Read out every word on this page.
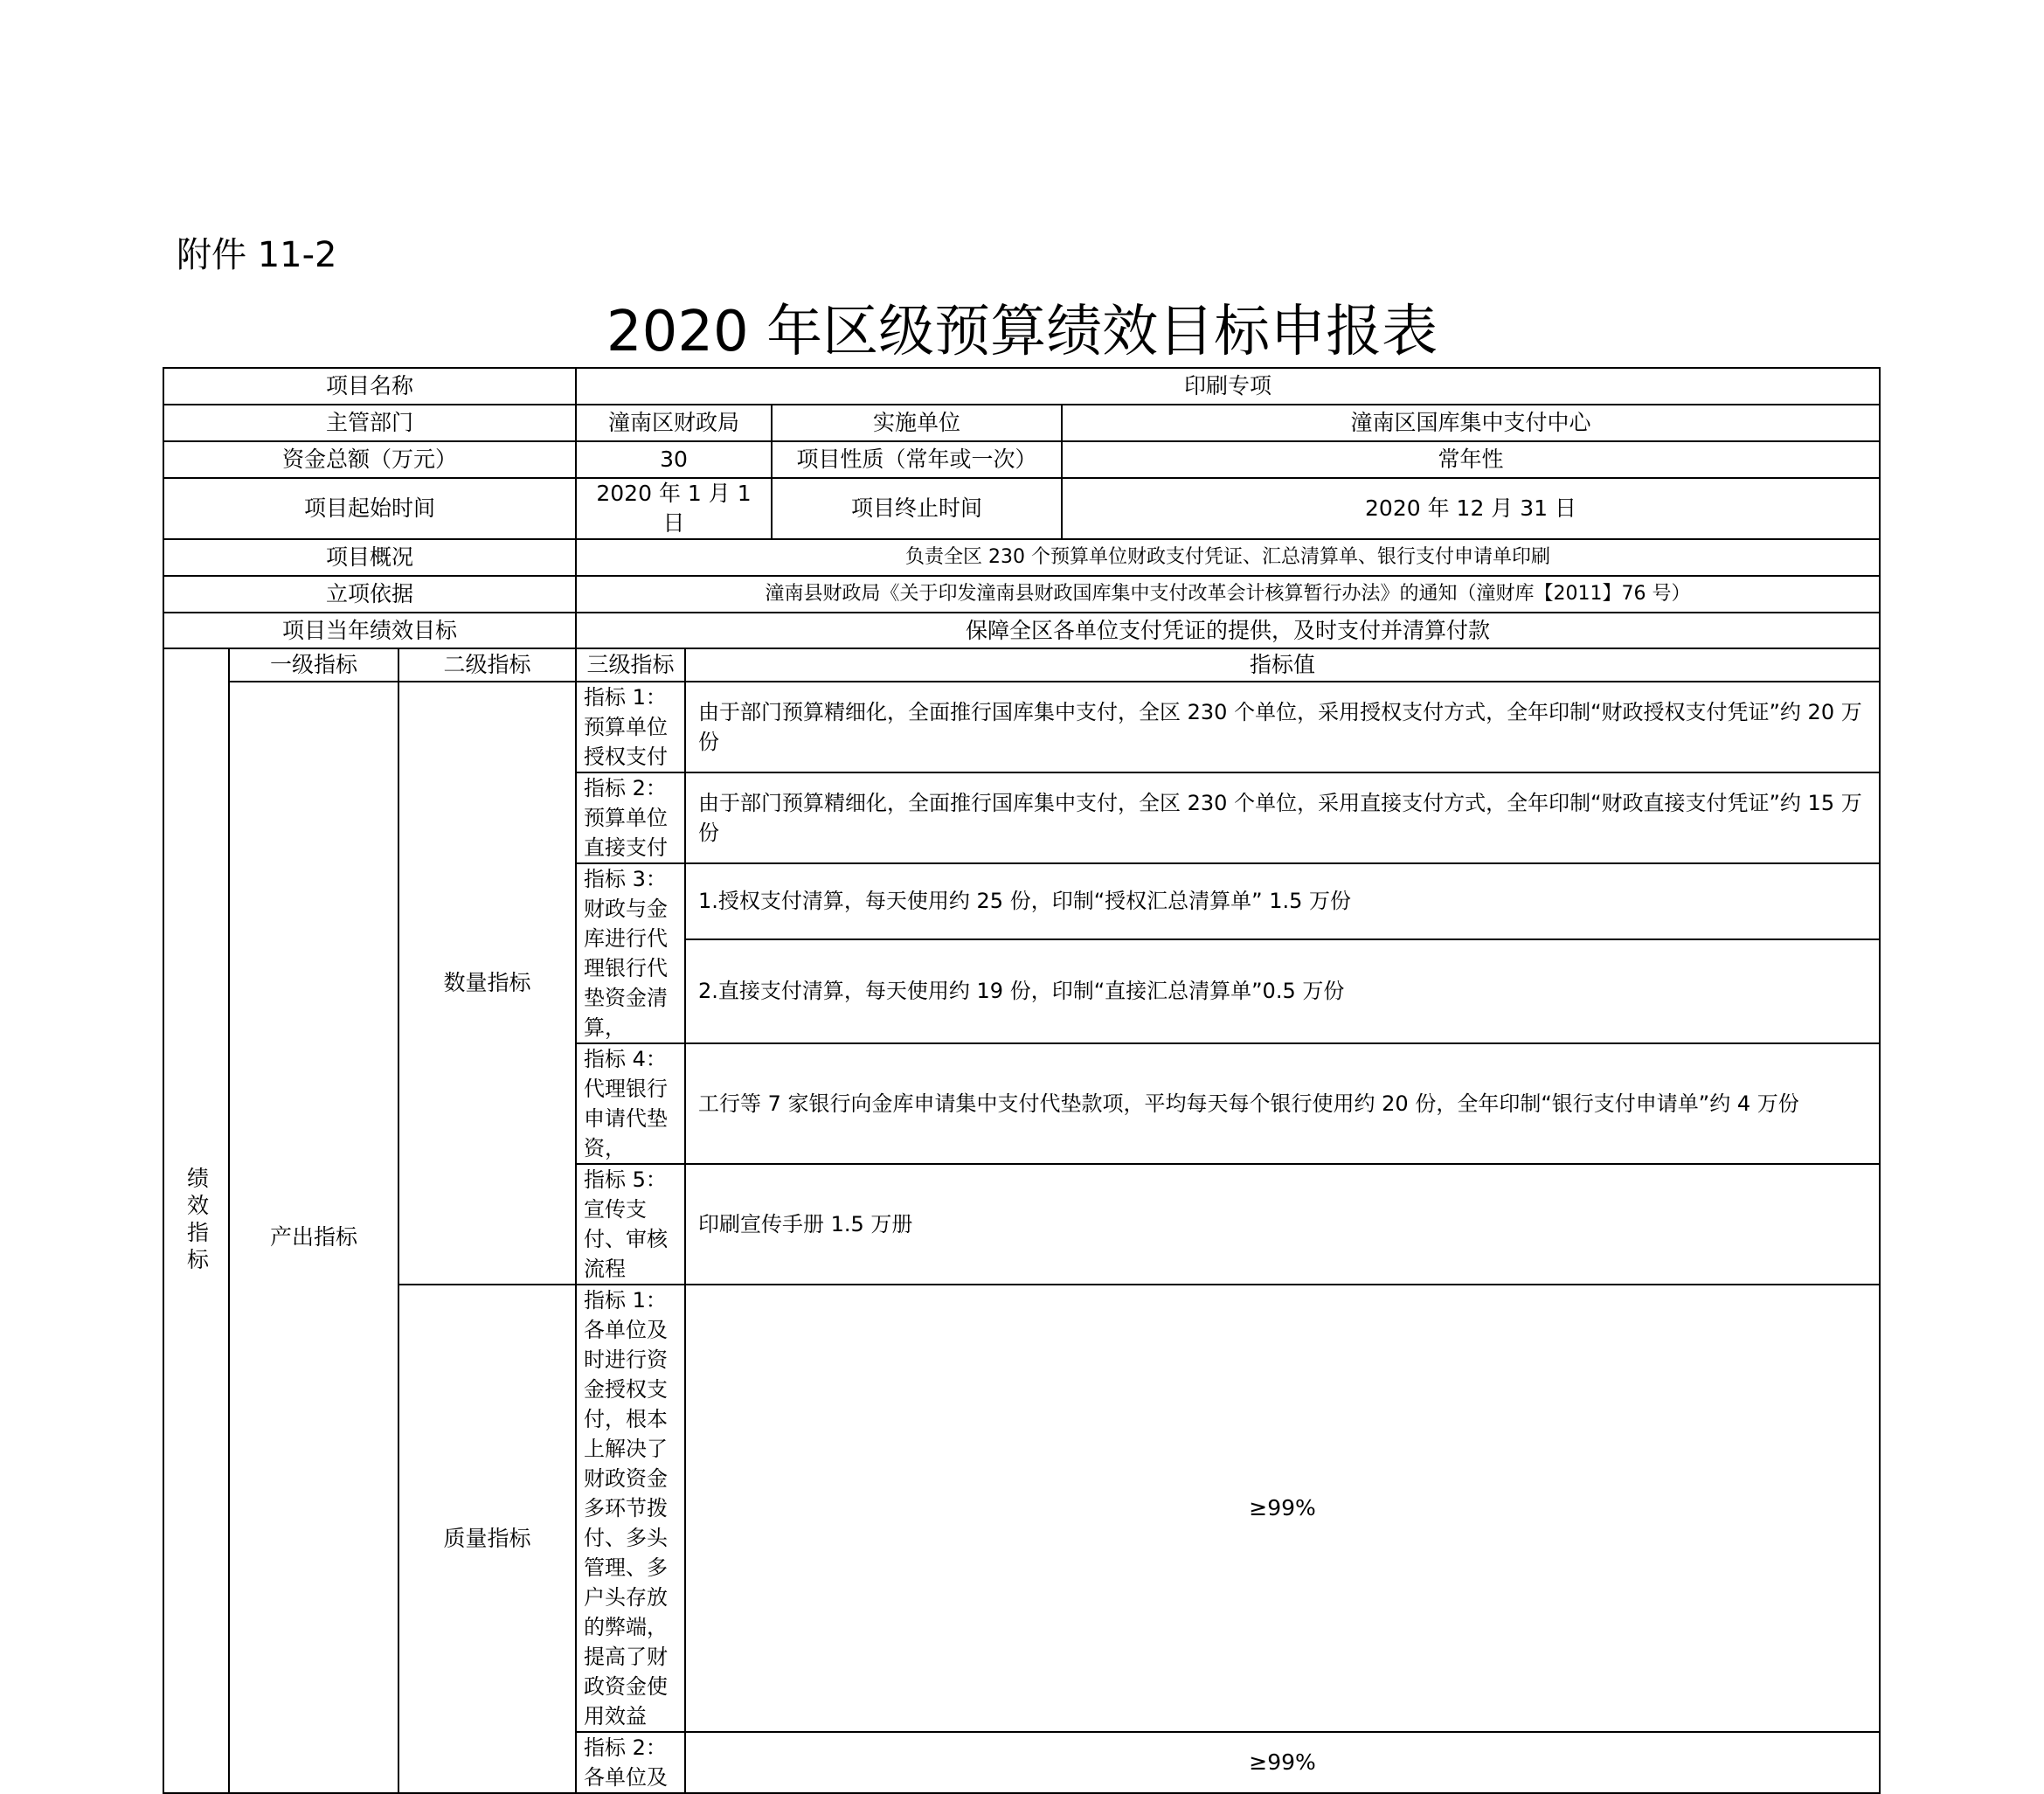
附件 11-2
2020 年区级预算绩效目标申报表
项目名称			印刷专项			
主管部门			潼南区财政局		实施单位	潼南区国库集中支付中心
资金总额（万元）			30		项目性质（常年或一次）	常年性
项目起始时间			2020 年 1 月 1 日		项目终止时间	2020 年 12 月 31 日
项目概况			负责全区 230 个预算单位财政支付凭证、汇总清算单、银行支付申请单印刷			
立项依据			潼南县财政局《关于印发潼南县财政国库集中支付改革会计核算暂行办法》的通知（潼财库【2011】76 号）			
项目当年绩效目标			保障全区各单位支付凭证的提供，及时支付并清算付款			

绩效指标	一级指标	二级指标	三级指标	指标值		
	产出指标	数量指标	指标 1：预算单位授权支付	由于部门预算精细化，全面推行国库集中支付，全区 230 个单位，采用授权支付方式，全年印制“财政授权支付凭证”约 20 万份		
			指标 2：预算单位直接支付	由于部门预算精细化，全面推行国库集中支付，全区 230 个单位，采用直接支付方式，全年印制“财政直接支付凭证”约 15 万份		
			指标 3：财政与金库进行代理银行代垫资金清算，	1.授权支付清算，每天使用约 25 份，印制“授权汇总清算单” 1.5 万份		
				2.直接支付清算，每天使用约 19 份，印制“直接汇总清算单”0.5 万份		
			指标 4：代理银行申请代垫资，	工行等 7 家银行向金库申请集中支付代垫款项，平均每天每个银行使用约 20 份，全年印制“银行支付申请单”约 4 万份		
			指标 5：宣传支付、审核流程	印刷宣传手册 1.5 万册		
		质量指标	指标 1：各单位及时进行资金授权支付，根本上解决了财政资金多环节拨付、多头管理、多户头存放的弊端，提高了财政资金使用效益	≥99%		
			指标 2：各单位及	≥99%		
